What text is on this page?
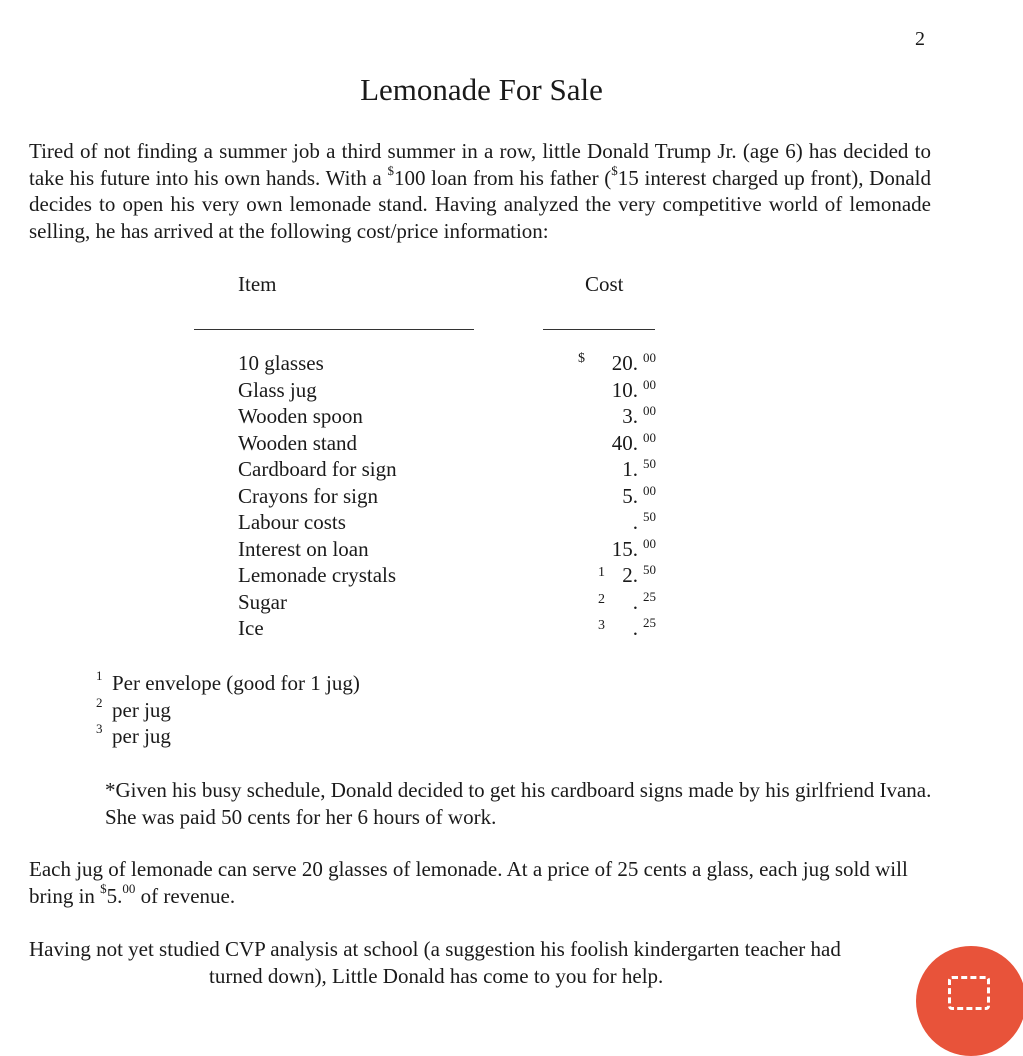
2
Lemonade For Sale
Tired of not finding a summer job a third summer in a row, little Donald Trump Jr. (age 6) has decided to take his future into his own hands. With a $100 loan from his father ($15 interest charged up front), Donald decides to open his very own lemonade stand. Having analyzed the very competitive world of lemonade selling, he has arrived at the following cost/price information:
Item	Cost
10 glasses
Glass jug
Wooden spoon
Wooden stand
Cardboard for sign
Crayons for sign
Labour costs
Interest on loan
Lemonade crystals
Sugar
Ice
$ 20. 00
10. 00
3. 00
40. 00
1. 50
5. 00
. 50
15. 00
1 2. 50
2 . 25
3 . 25
1 Per envelope (good for 1 jug)
2 per jug
3 per jug
*Given his busy schedule, Donald decided to get his cardboard signs made by his girlfriend Ivana. She was paid 50 cents for her 6 hours of work.
Each jug of lemonade can serve 20 glasses of lemonade. At a price of 25 cents a glass, each jug sold will bring in $5.00 of revenue.
Having not yet studied CVP analysis at school (a suggestion his foolish kindergarten teacher had
turned down), Little Donald has come to you for help.
